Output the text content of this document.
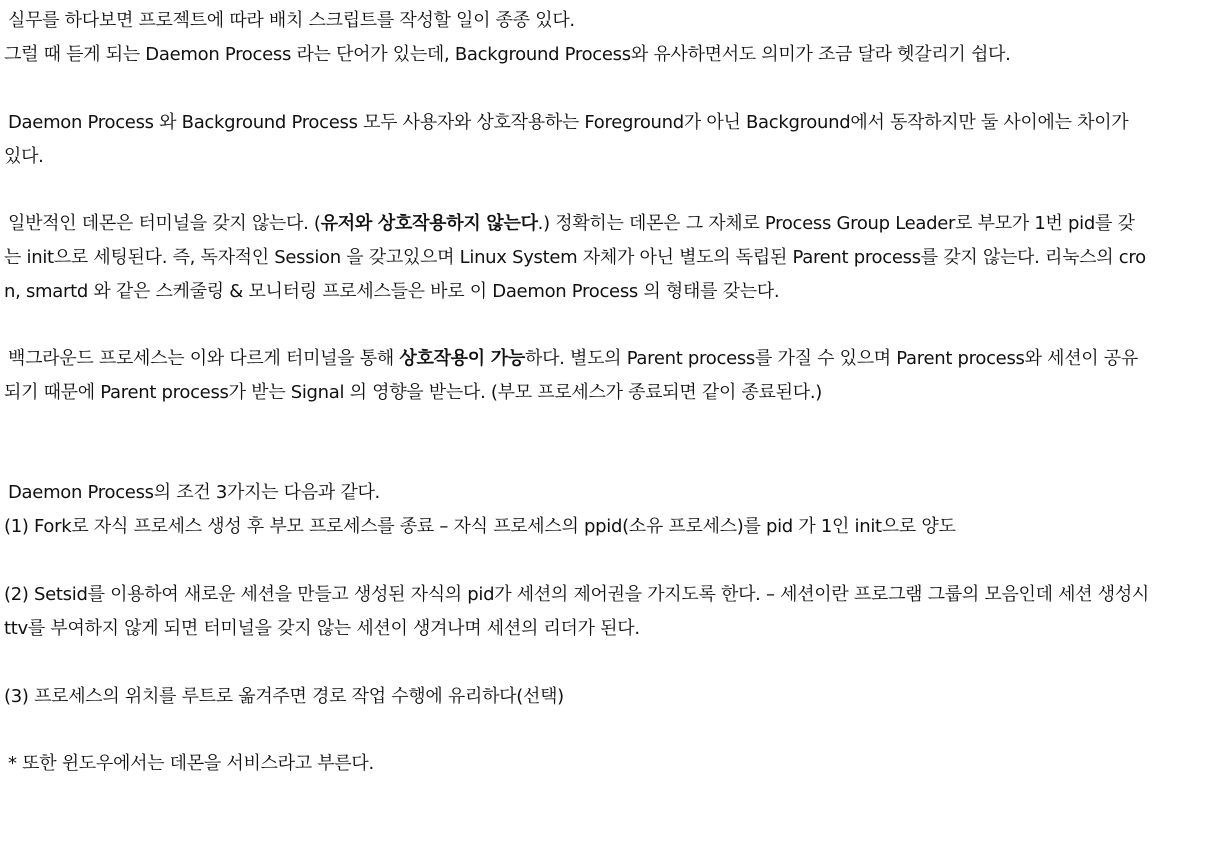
실무를 하다보면 프로젝트에 따라 배치 스크립트를 작성할 일이 종종 있다.
그럴 때 듣게 되는 Daemon Process 라는 단어가 있는데, Background Process와 유사하면서도 의미가 조금 달라 헷갈리기 쉽다.
Daemon Process 와 Background Process 모두 사용자와 상호작용하는 Foreground가 아닌 Background에서 동작하지만 둘 사이에는 차이가
있다.
일반적인 데몬은 터미널을 갖지 않는다. (유저와 상호작용하지 않는다.) 정확히는 데몬은 그 자체로 Process Group Leader로 부모가 1번 pid를 갖
는 init으로 세팅된다. 즉, 독자적인 Session 을 갖고있으며 Linux System 자체가 아닌 별도의 독립된 Parent process를 갖지 않는다. 리눅스의 cro
n, smartd 와 같은 스케줄링 & 모니터링 프로세스들은 바로 이 Daemon Process 의 형태를 갖는다.
백그라운드 프로세스는 이와 다르게 터미널을 통해 상호작용이 가능하다. 별도의 Parent process를 가질 수 있으며 Parent process와 세션이 공유
되기 때문에 Parent process가 받는 Signal 의 영향을 받는다. (부모 프로세스가 종료되면 같이 종료된다.)
Daemon Process의 조건 3가지는 다음과 같다.
(1) Fork로 자식 프로세스 생성 후 부모 프로세스를 종료 – 자식 프로세스의 ppid(소유 프로세스)를 pid 가 1인 init으로 양도
(2) Setsid를 이용하여 새로운 세션을 만들고 생성된 자식의 pid가 세션의 제어권을 가지도록 한다. – 세션이란 프로그램 그룹의 모음인데 세션 생성시
ttv를 부여하지 않게 되면 터미널을 갖지 않는 세션이 생겨나며 세션의 리더가 된다.
(3) 프로세스의 위치를 루트로 옮겨주면 경로 작업 수행에 유리하다(선택)
* 또한 윈도우에서는 데몬을 서비스라고 부른다.
